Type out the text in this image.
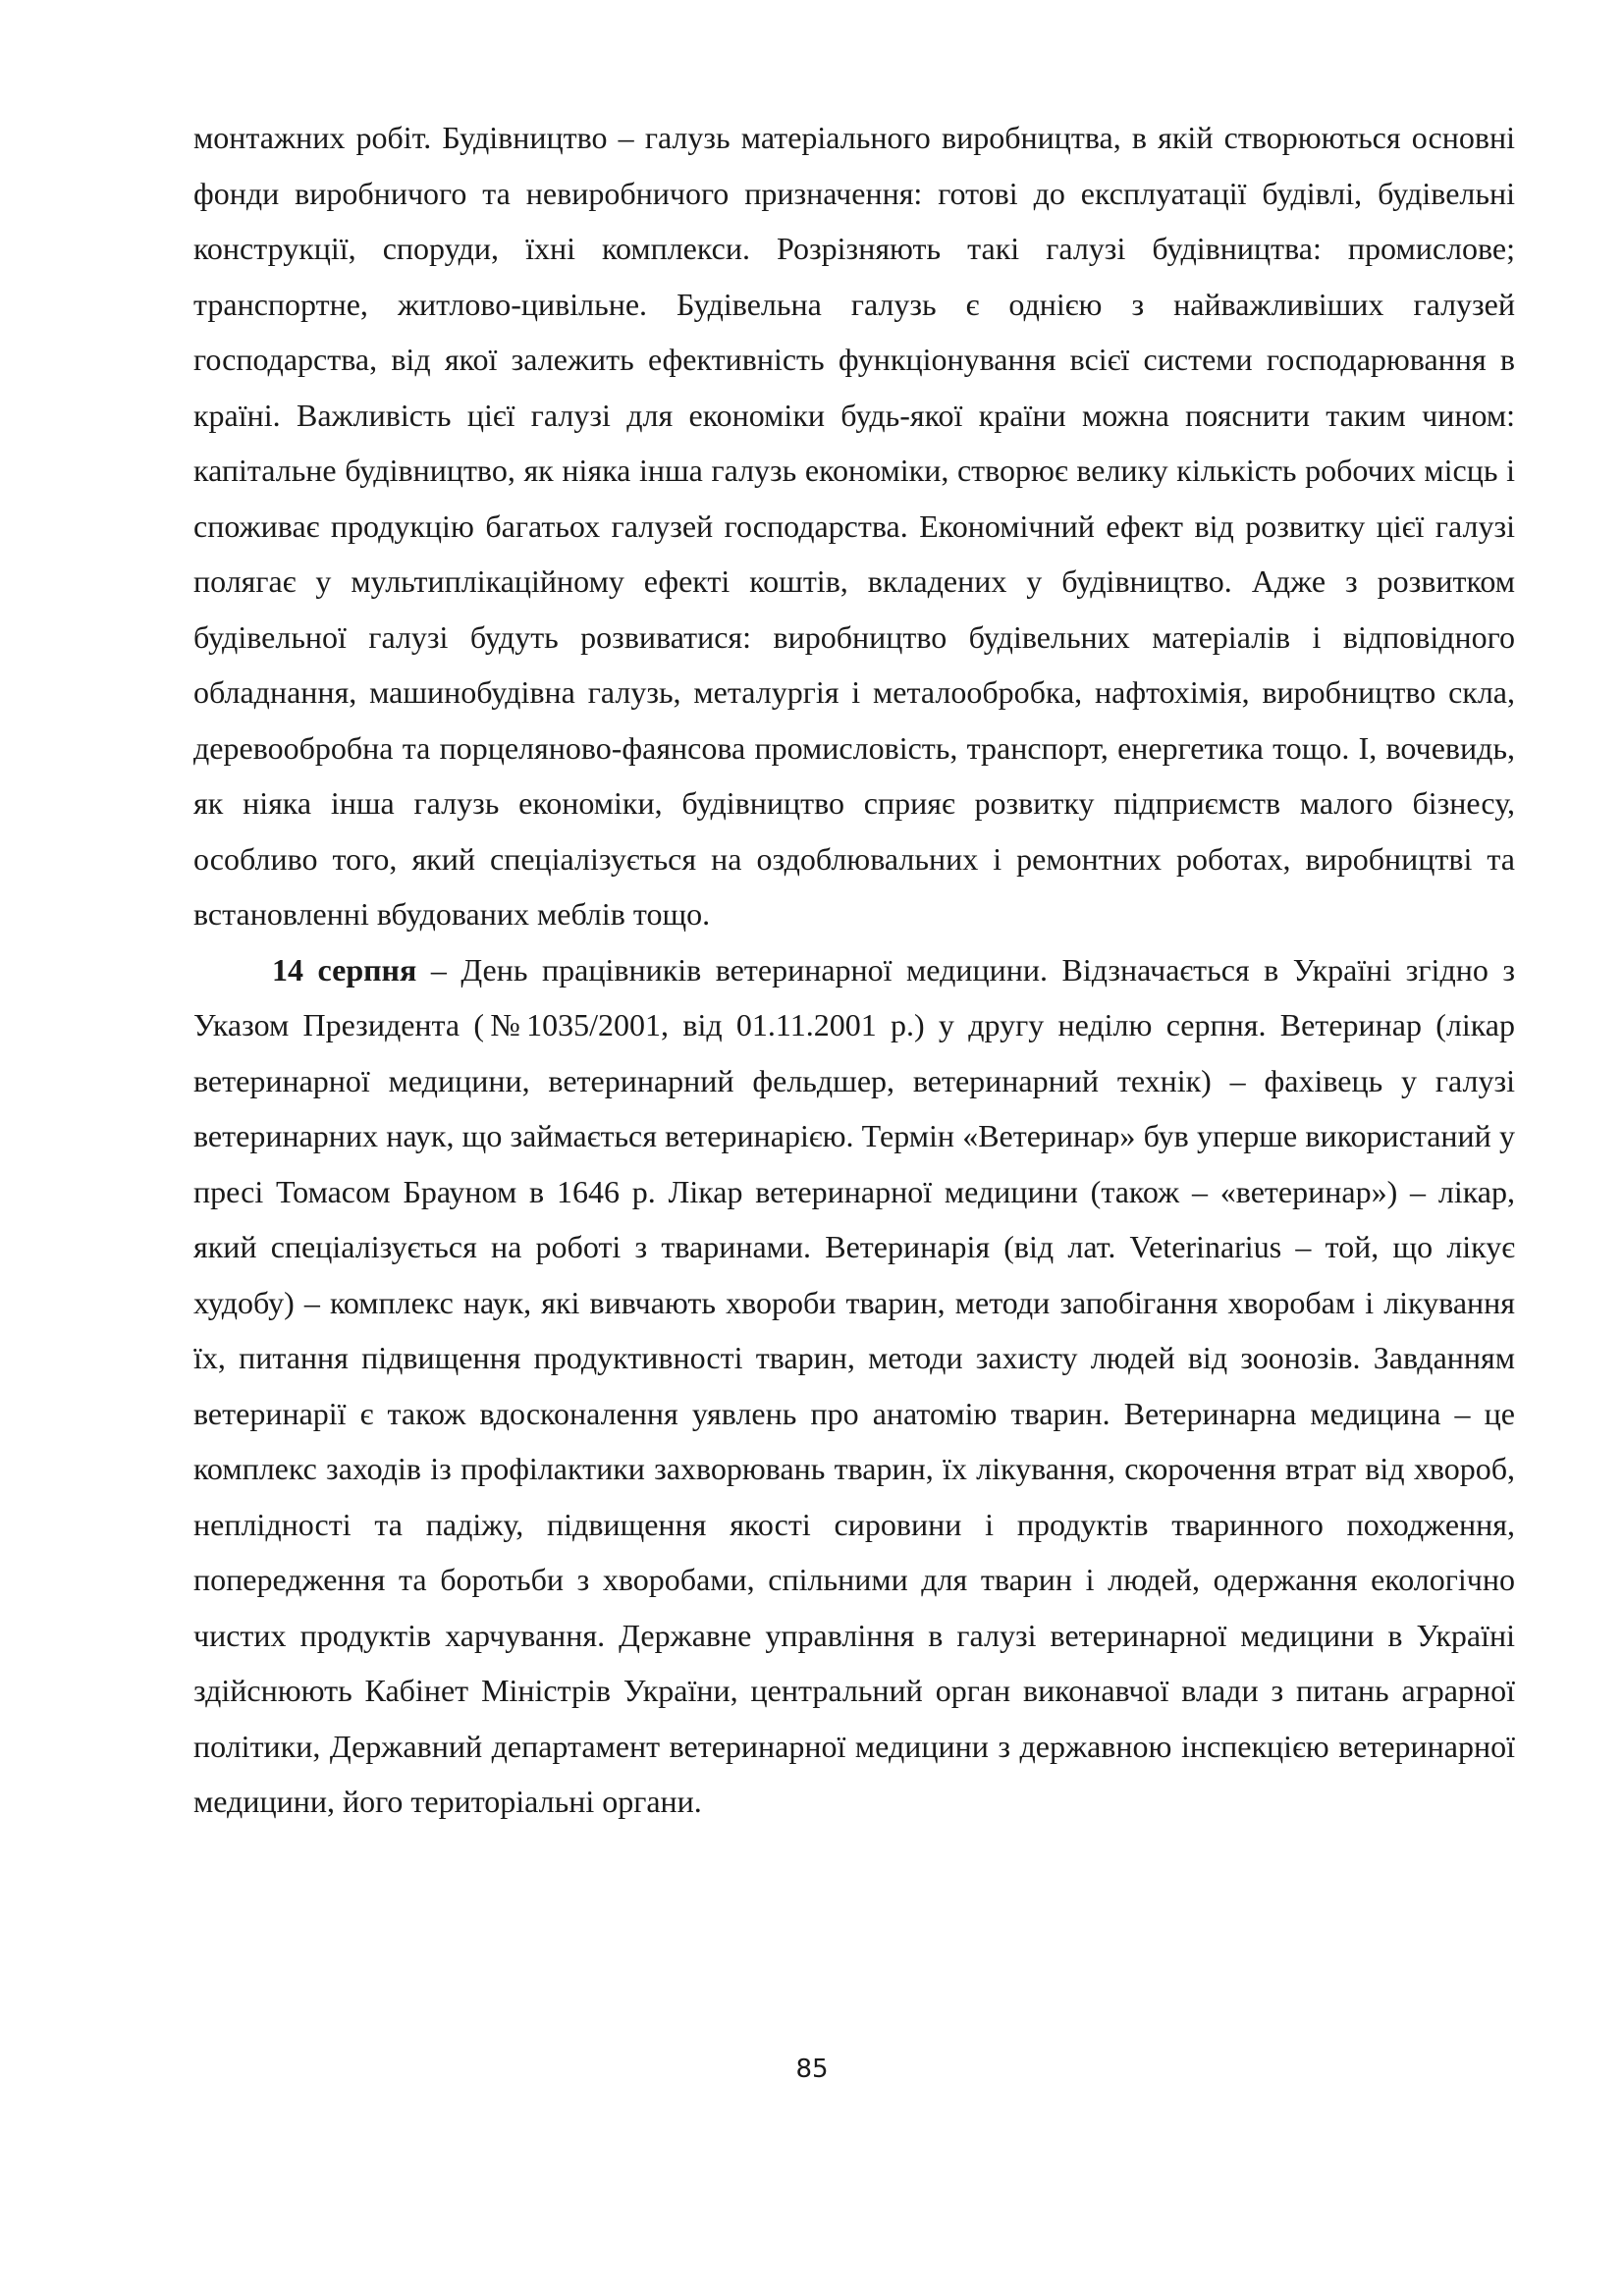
монтажних робіт. Будівництво – галузь матеріального виробництва, в якій створюються основні фонди виробничого та невиробничого призначення: готові до експлуатації будівлі, будівельні конструкції, споруди, їхні комплекси. Розрізняють такі галузі будівництва: промислове; транспортне, житлово-цивільне. Будівельна галузь є однією з найважливіших галузей господарства, від якої залежить ефективність функціонування всієї системи господарювання в країні. Важливість цієї галузі для економіки будь-якої країни можна пояснити таким чином: капітальне будівництво, як ніяка інша галузь економіки, створює велику кількість робочих місць і споживає продукцію багатьох галузей господарства. Економічний ефект від розвитку цієї галузі полягає у мультиплікаційному ефекті коштів, вкладених у будівництво. Адже з розвитком будівельної галузі будуть розвиватися: виробництво будівельних матеріалів і відповідного обладнання, машинобудівна галузь, металургія і металообробка, нафтохімія, виробництво скла, деревообробна та порцеляново-фаянсова промисловість, транспорт, енергетика тощо. І, вочевидь, як ніяка інша галузь економіки, будівництво сприяє розвитку підприємств малого бізнесу, особливо того, який спеціалізується на оздоблювальних і ремонтних роботах, виробництві та встановленні вбудованих меблів тощо.

14 серпня – День працівників ветеринарної медицини. Відзначається в Україні згідно з Указом Президента (№1035/2001, від 01.11.2001 р.) у другу неділю серпня. Ветеринар (лікар ветеринарної медицини, ветеринарний фельдшер, ветеринарний технік) – фахівець у галузі ветеринарних наук, що займається ветеринарією. Термін «Ветеринар» був уперше використаний у пресі Томасом Брауном в 1646 р. Лікар ветеринарної медицини (також – «ветеринар») – лікар, який спеціалізується на роботі з тваринами. Ветеринарія (від лат. Veterinarius – той, що лікує худобу) – комплекс наук, які вивчають хвороби тварин, методи запобігання хворобам і лікування їх, питання підвищення продуктивності тварин, методи захисту людей від зоонозів. Завданням ветеринарії є також вдосконалення уявлень про анатомію тварин. Ветеринарна медицина – це комплекс заходів із профілактики захворювань тварин, їх лікування, скорочення втрат від хвороб, неплідності та падіжу, підвищення якості сировини і продуктів тваринного походження, попередження та боротьби з хворобами, спільними для тварин і людей, одержання екологічно чистих продуктів харчування. Державне управління в галузі ветеринарної медицини в Україні здійснюють Кабінет Міністрів України, центральний орган виконавчої влади з питань аграрної політики, Державний департамент ветеринарної медицини з державною інспекцією ветеринарної медицини, його територіальні органи.

85
